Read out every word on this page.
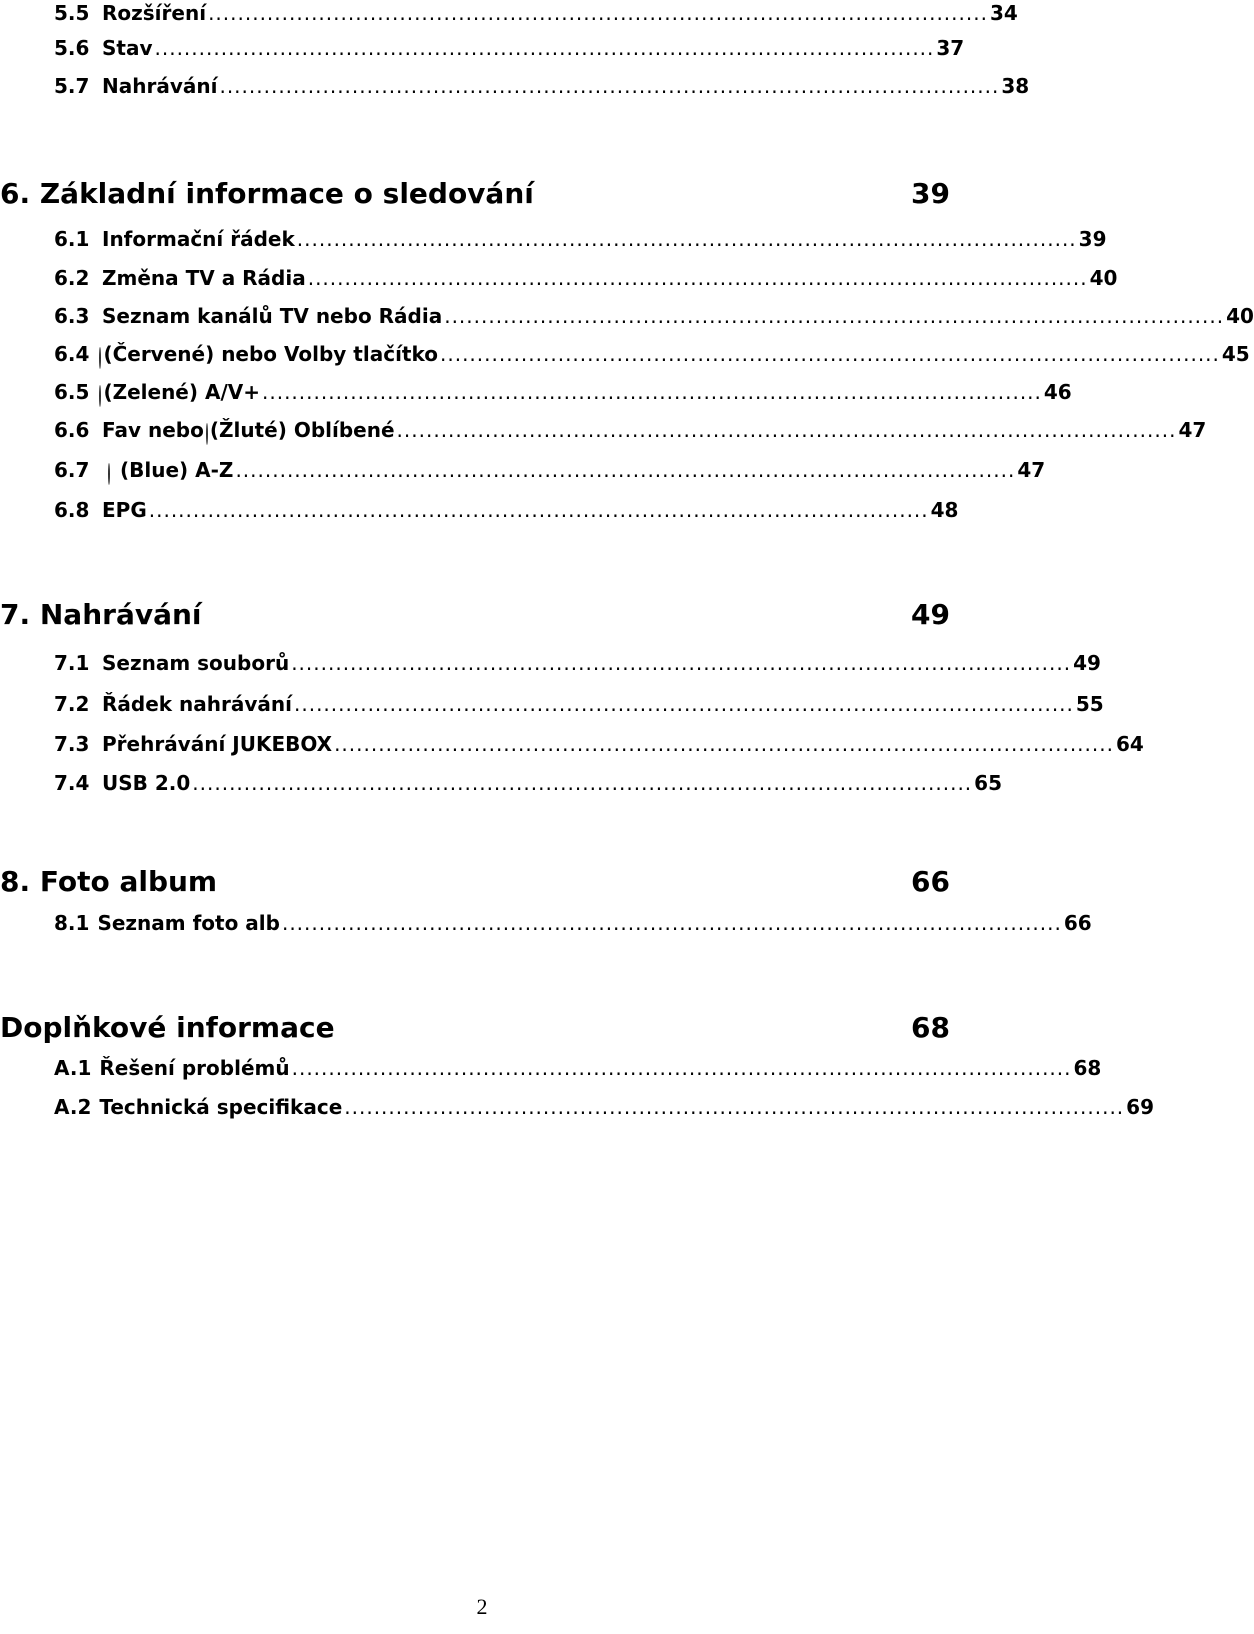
5.5 Rozšíření .......................................................................................................... 34
5.6 Stav .......................................................................................................... 37
5.7 Nahrávání .......................................................................................................... 38
6. Základní informace o sledování	39
6.1 Informační řádek .......................................................................................................... 39
6.2 Změna TV a Rádia .......................................................................................................... 40
6.3 Seznam kanálů TV nebo Rádia .......................................................................................................... 40
6.4 (Červené) nebo Volby tlačítko .......................................................................................................... 45
6.5 (Zelené) A/V+ .......................................................................................................... 46
6.6 Fav nebo (Žluté) Oblíbené .......................................................................................................... 47
6.7	(Blue) A-Z .......................................................................................................... 47
6.8 EPG .......................................................................................................... 48
7. Nahrávání	49
7.1 Seznam souborů .......................................................................................................... 49
7.2 Řádek nahrávání .......................................................................................................... 55
7.3 Přehrávání JUKEBOX .......................................................................................................... 64
7.4 USB 2.0 .......................................................................................................... 65
8. Foto album	66
8.1 Seznam foto alb .......................................................................................................... 66
Doplňkové informace	68
A.1 Řešení problémů .......................................................................................................... 68
A.2 Technická specifikace .......................................................................................................... 69
2
